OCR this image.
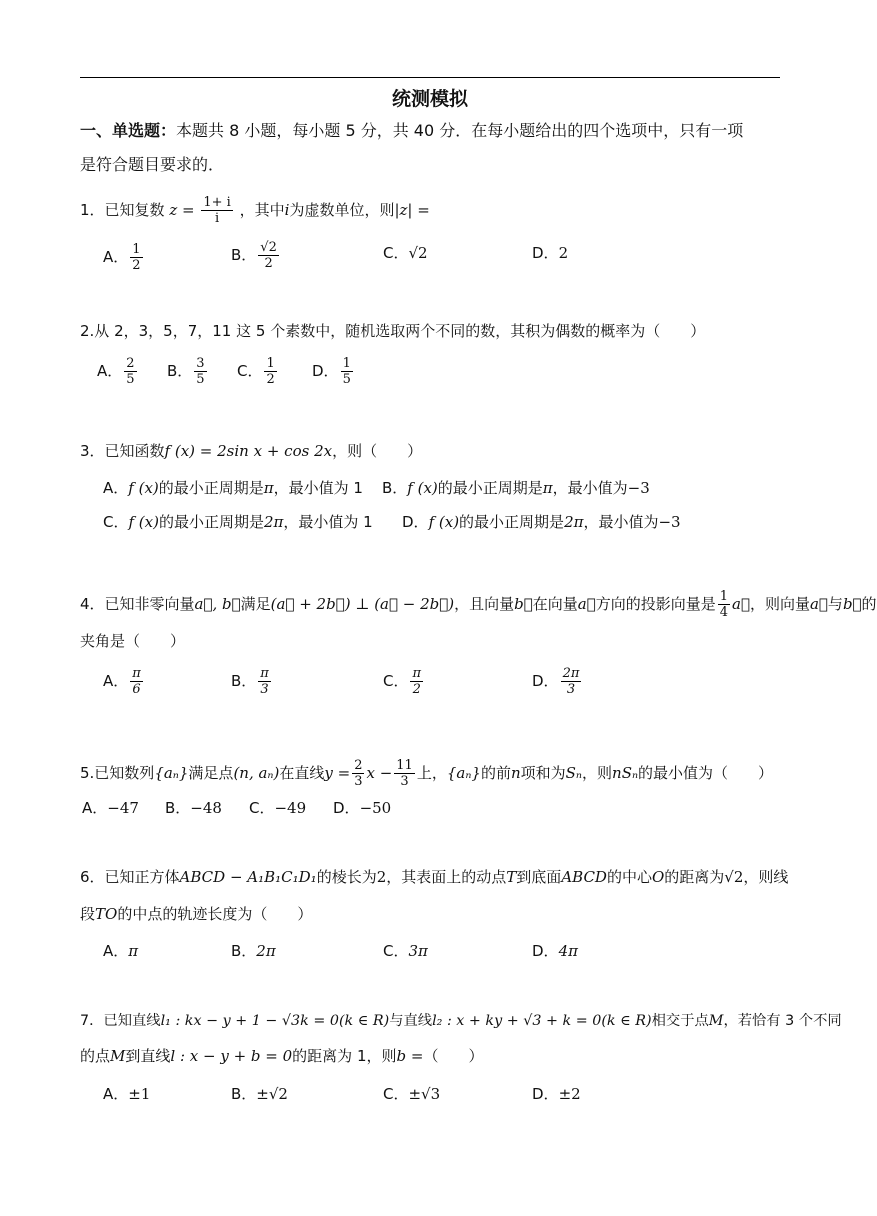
统测模拟
一、单选题：本题共 8 小题，每小题 5 分，共 40 分．在每小题给出的四个选项中，只有一项
是符合题目要求的．
1．已知复数 $z = \frac{1+ i}{i}$ ，其中i为虚数单位，则|z| =
A． $\frac{1}{2}$	B． $\frac{√2}{2}$	C．√2	D．2
2.从 2，3，5，7，11 这 5 个素数中，随机选取两个不同的数，其积为偶数的概率为（　　）
A． $\frac{2}{5}$ B． $\frac{3}{5}$ C． $\frac{1}{2}$ D． $\frac{1}{5}$
3．已知函数f (x) = 2sin x + cos 2x，则（　　）
A．f (x)的最小正周期是π，最小值为 1 B．f (x)的最小正周期是π，最小值为−3
C．f (x)的最小正周期是2π，最小值为 1 D．f (x)的最小正周期是2π，最小值为−3
4．已知非零向量a⃗, b⃗满足(a⃗ + 2b⃗) ⊥ (a⃗ − 2b⃗)，且向量b⃗在向量a⃗方向的投影向量是 $\frac{1}{4}$ a⃗，则向量a⃗与b⃗的
夹角是（　　）
A． $\frac{\pi}{6}$	B． $\frac{\pi}{3}$	C． $\frac{\pi}{2}$	D． $\frac{2\pi}{3}$
5.已知数列{aₙ}满足点(n, aₙ)在直线$y = \frac{2}{3}$ $x - \frac{11}{3}$ 上，{aₙ}的前n项和为Sₙ，则nSₙ的最小值为（　　）
A．−47 B．−48 C．−49 D．−50
6．已知正方体ABCD − A₁B₁C₁D₁的棱长为2，其表面上的动点T到底面ABCD的中心O的距离为√2，则线
段TO的中点的轨迹长度为（　　）
A．π	B．2π	C．3π	D．4π
7．已知直线l₁ : kx − y + 1 − √3k = 0(k ∈ R)与直线l₂ : x + ky + √3 + k = 0(k ∈ R)相交于点M，若恰有 3 个不同
的点M到直线l : x − y + b = 0的距离为 1，则b =（　　）
A．±1	B．±√2	C．±√3	D．±2
